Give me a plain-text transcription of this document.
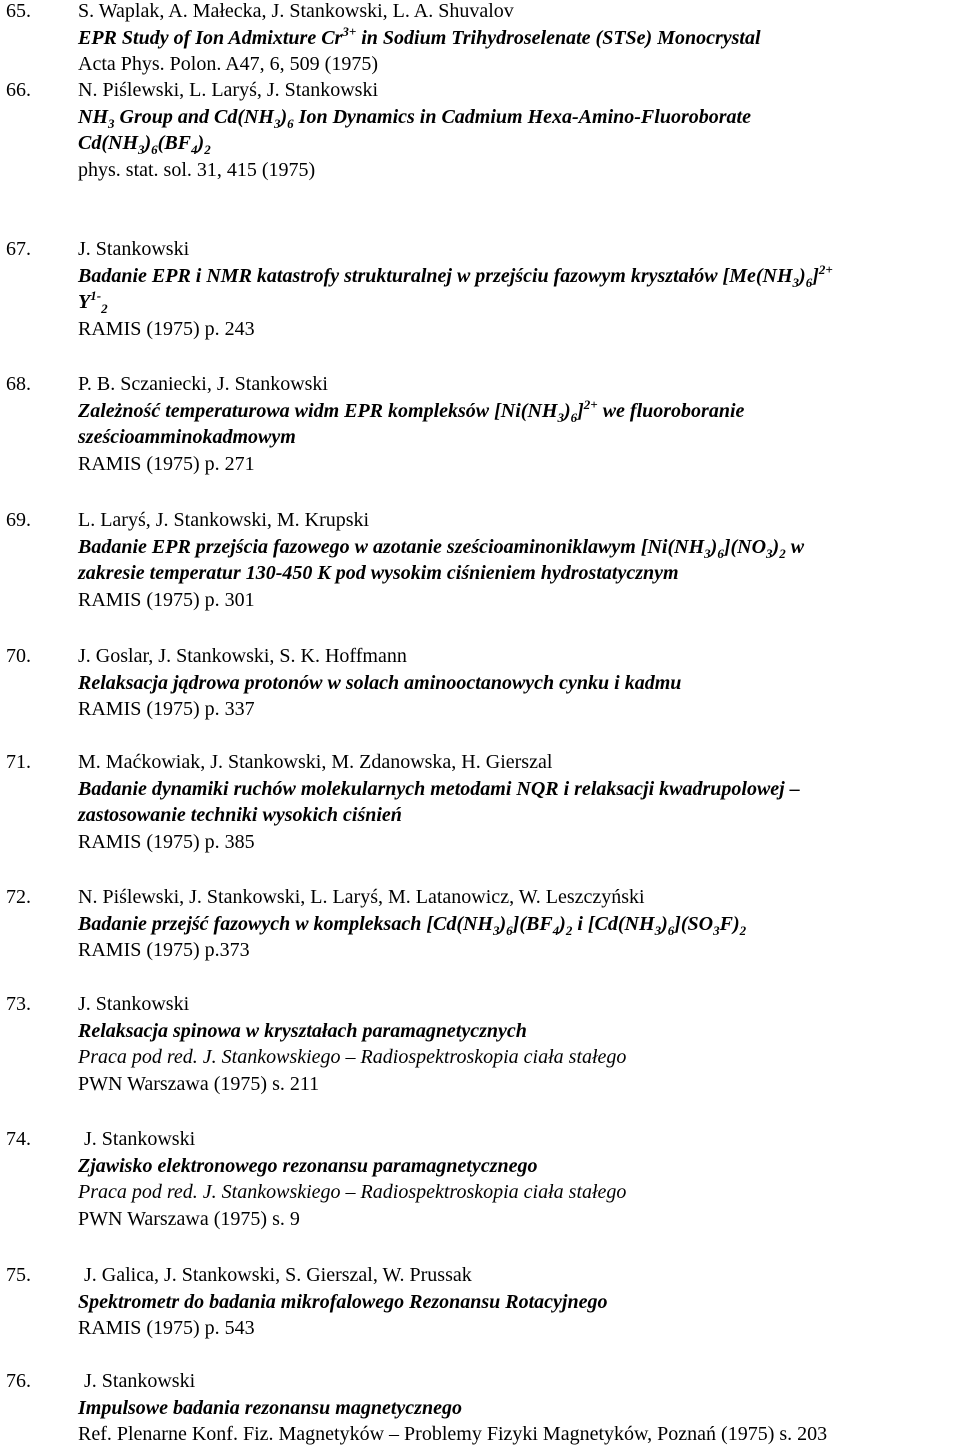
65. S. Waplak, A. Małecka, J. Stankowski, L. A. Shuvalov
EPR Study of Ion Admixture $Cr^{3+}$ in Sodium Trihydroselenate (STSe) Monocrystal
Acta Phys. Polon. A47, 6, 509 (1975)
66. N. Piślewski, L. Laryś, J. Stankowski
$NH_3$ Group and $Cd(NH_3)_6$ Ion Dynamics in Cadmium Hexa-Amino-Fluoroborate
$Cd(NH_3)_6(BF_4)_2$
phys. stat. sol. 31, 415 (1975)
67. J. Stankowski
Badanie EPR i NMR katastrofy strukturalnej w przejściu fazowym kryształów $[Me(NH_3)_6]^{2+}$
$Y^{1-}_2$
RAMIS (1975) p. 243
68. P. B. Sczaniecki, J. Stankowski
Zależność temperaturowa widm EPR kompleksów $[Ni(NH_3)_6]^{2+}$ we fluoroboranie
sześcioamminokadmowym
RAMIS (1975) p. 271
69. L. Laryś, J. Stankowski, M. Krupski
Badanie EPR przejścia fazowego w azotanie sześcioaminoniklawym $[Ni(NH_3)_6](NO_3)_2$ w
zakresie temperatur 130-450 K pod wysokim ciśnieniem hydrostatycznym
RAMIS (1975) p. 301
70. J. Goslar, J. Stankowski, S. K. Hoffmann
Relaksacja jądrowa protonów w solach aminooctanowych cynku i kadmu
RAMIS (1975) p. 337
71. M. Maćkowiak, J. Stankowski, M. Zdanowska, H. Gierszal
Badanie dynamiki ruchów molekularnych metodami NQR i relaksacji kwadrupolowej –
zastosowanie techniki wysokich ciśnień
RAMIS (1975) p. 385
72. N. Piślewski, J. Stankowski, L. Laryś, M. Latanowicz, W. Leszczyński
Badanie przejść fazowych w kompleksach $[Cd(NH_3)_6](BF_4)_2$ i $[Cd(NH_3)_6](SO_3F)_2$
RAMIS (1975) p.373
73. J. Stankowski
Relaksacja spinowa w kryształach paramagnetycznych
Praca pod red. J. Stankowskiego – Radiospektroskopia ciała stałego
PWN Warszawa (1975) s. 211
74.	J. Stankowski
Zjawisko elektronowego rezonansu paramagnetycznego
Praca pod red. J. Stankowskiego – Radiospektroskopia ciała stałego
PWN Warszawa (1975) s. 9
75.	J. Galica, J. Stankowski, S. Gierszal, W. Prussak
Spektrometr do badania mikrofalowego Rezonansu Rotacyjnego
RAMIS (1975) p. 543
76.	J. Stankowski
Impulsowe badania rezonansu magnetycznego
Ref. Plenarne Konf. Fiz. Magnetyków – Problemy Fizyki Magnetyków, Poznań (1975) s. 203
